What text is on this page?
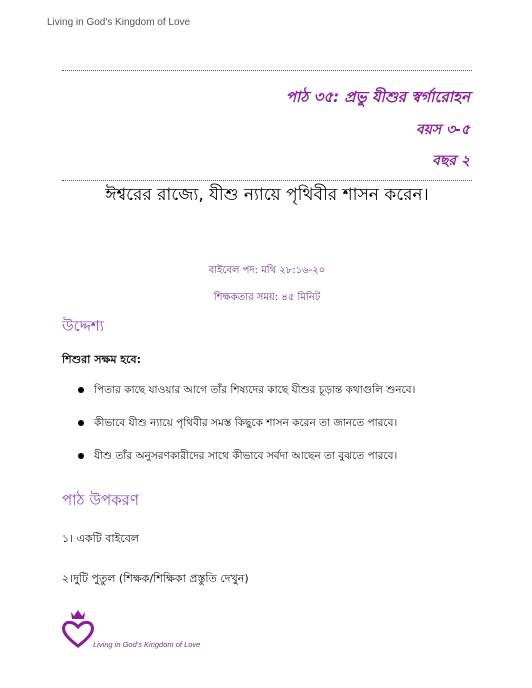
Living in God's Kingdom of Love
পাঠ ৩৫: প্রভু যীশুর স্বর্গারোহন
বয়স ৩-৫
বছর ২
ঈশ্বরের রাজ্যে, যীশু ন্যায়ে পৃথিবীর শাসন করেন।
বাইবেল পদ: মথি ২৮:১৬-২০
শিক্ষকতার সময়: ৪৫ মিনিট
উদ্দেশ্য
শিশুরা সক্ষম হবে:
পিতার কাছে যাওয়ার আগে তাঁর শিষ্যদের কাছে যীশুর চূড়ান্ত কথাগুলি শুনবে।
কীভাবে যীশু ন্যায়ে পৃথিবীর সমস্ত কিছুকে শাসন করেন তা জানতে পারবে।
যীশু তাঁর অনুসরণকারীদের সাথে কীভাবে সর্বদা আছেন তা বুঝতে পারবে।
পাঠ উপকরণ
১। একটি বাইবেল
২।দুটি পুতুল (শিক্ষক/শিক্ষিকা প্রস্তুতি দেখুন)
Living in God's Kingdom of Love
